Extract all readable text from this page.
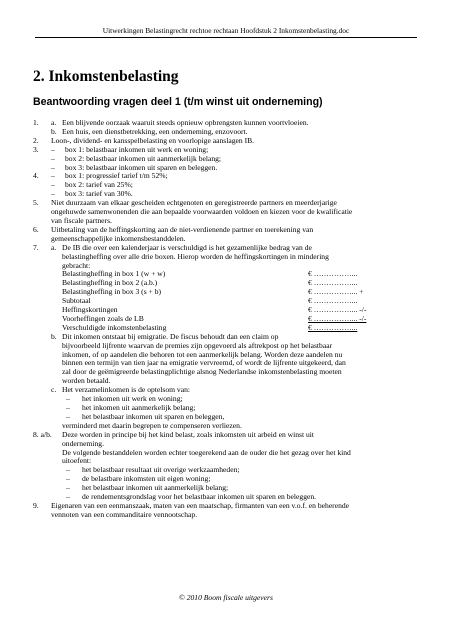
Uitwerkingen Belastingrecht rechtoe rechtaan Hoofdstuk 2 Inkomstenbelasting.doc
2. Inkomstenbelasting
Beantwoording vragen deel 1 (t/m winst uit onderneming)
1.	a. Een blijvende oorzaak waaruit steeds opnieuw opbrengsten kunnen voortvloeien.
b. Een huis, een dienstbetrekking, een onderneming, enzovoort.
2.	Loon-, dividend- en kansspelbelasting en voorlopige aanslagen IB.
3.	–	box 1: belastbaar inkomen uit werk en woning;
–	box 2: belastbaar inkomen uit aanmerkelijk belang;
–	box 3: belastbaar inkomen uit sparen en beleggen.
4.	–	box 1: progressief tarief t/m 52%;
–	box 2: tarief van 25%;
–	box 3: tarief van 30%.
5.	Niet duurzaam van elkaar gescheiden echtgenoten en geregistreerde partners en meerderjarige
ongehuwde samenwonenden die aan bepaalde voorwaarden voldoen en kiezen voor de kwalificatie
van fiscale partners.
6.	Uitbetaling van de heffingskorting aan de niet-verdienende partner en toerekening van
gemeenschappelijke inkomensbestanddelen.
7.	a. De IB die over een kalenderjaar is verschuldigd is het gezamenlijke bedrag van de
belastingheffing over alle drie boxen. Hierop worden de heffingskortingen in mindering
gebracht:
Belastingheffing in box 1 (w + w)	€ ……………...
Belastingheffing in box 2 (a.b.)	€ ……………...
Belastingheffing in box 3 (s + b)	€ ……………... +
Subtotaal	€ ……………...
Heffingskortingen	€ ……………... -/-
Voorheffingen zoals de LB	€ ……………... -/-
Verschuldigde inkomstenbelasting	€ ……………...
b. Dit inkomen ontstaat bij emigratie. De fiscus behoudt dan een claim op
bijvoorbeeld lijfrente waarvan de premies zijn opgevoerd als aftrekpost op het belastbaar
inkomen, of op aandelen die behoren tot een aanmerkelijk belang. Worden deze aandelen nu
binnen een termijn van tien jaar na emigratie vervreemd, of wordt de lijfrente uitgekeerd, dan
zal door de geëmigreerde belastingplichtige alsnog Nederlandse inkomstenbelasting moeten
worden betaald.
c. Het verzamelinkomen is de optelsom van:
–	het inkomen uit werk en woning;
–	het inkomen uit aanmerkelijk belang;
–	het belastbaar inkomen uit sparen en beleggen,
verminderd met daarin begrepen te compenseren verliezen.
8. a/b.	Deze worden in principe bij het kind belast, zoals inkomsten uit arbeid en winst uit
onderneming.
De volgende bestanddelen worden echter toegerekend aan de ouder die het gezag over het kind
uitoefent:
–	het belastbaar resultaat uit overige werkzaamheden;
–	de belastbare inkomsten uit eigen woning;
–	het belastbaar inkomen uit aanmerkelijk belang;
–	de rendementsgrondslag voor het belastbaar inkomen uit sparen en beleggen.
9.	Eigenaren van een eenmanszaak, maten van een maatschap, firmanten van een v.o.f. en beherende
vennoten van een commanditaire vennootschap.
© 2010 Boom fiscale uitgevers
